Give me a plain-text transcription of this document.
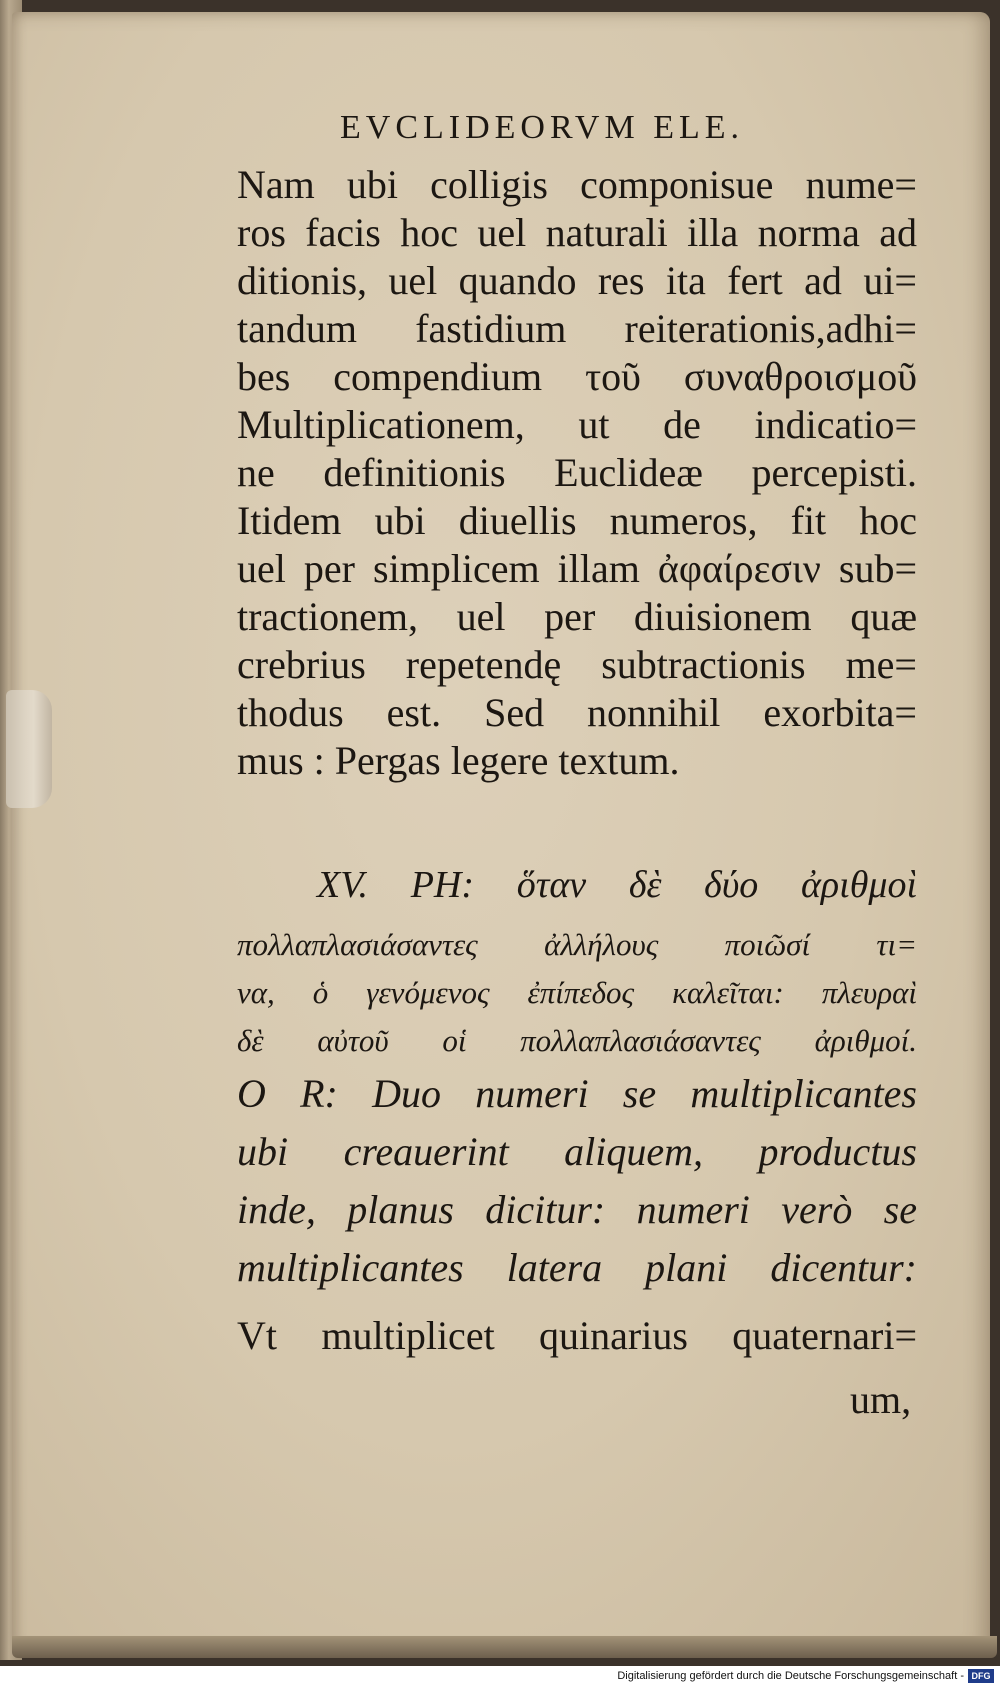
EVCLIDEORVM ELE.
Nam ubi colligis componisue nume=
ros facis hoc uel naturali illa norma ad
ditionis, uel quando res ita fert ad ui=
tandum fastidium reiterationis,adhi=
bes compendium τοῦ συναθροισμοῦ
Multiplicationem, ut de indicatio=
ne definitionis Euclideæ percepisti.
Itidem ubi diuellis numeros, fit hoc
uel per simplicem illam ἀφαίρεσιν sub=
tractionem, uel per diuisionem quæ
crebrius repetendę subtractionis me=
thodus est. Sed nonnihil exorbita=
mus : Pergas legere textum.
XV. PH: ὅταν δὲ δύο ἀριθμοὶ
πολλαπλασιάσαντες ἀλλήλους ποιῶσί τι=
να, ὁ γενόμενος ἐπίπεδος καλεῖται: πλευραὶ
δὲ αὐτοῦ οἱ πολλαπλασιάσαντες ἀριθμοί.
O R: Duo numeri se multiplicantes
ubi creauerint aliquem, productus
inde, planus dicitur: numeri verò se
multiplicantes latera plani dicentur:
Vt multiplicet quinarius quaternari=
um,
Digitalisierung gefördert durch die Deutsche Forschungsgemeinschaft - DFG
